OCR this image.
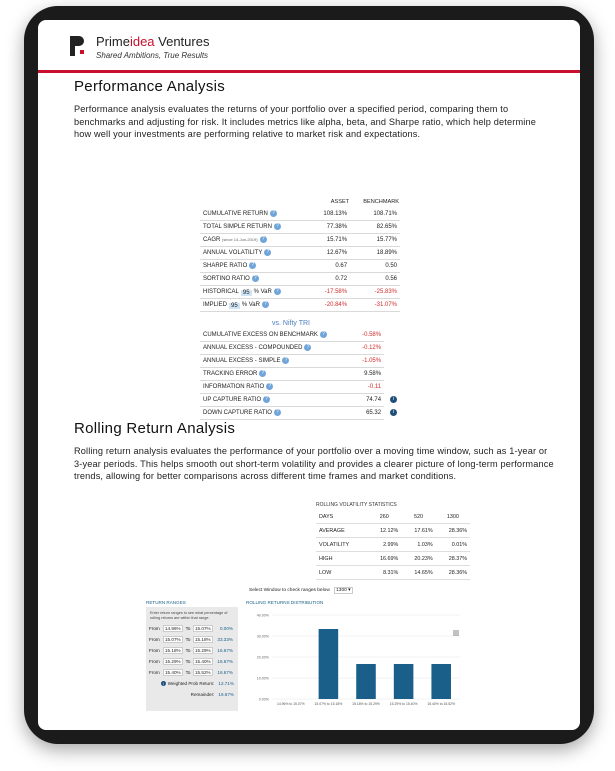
Primeidea Ventures
Shared Ambitions, True Results
Performance Analysis

Performance analysis evaluates the returns of your portfolio over a specified period, comparing them to benchmarks and adjusting for risk. It includes metrics like alpha, beta, and Sharpe ratio, which help determine how well your investments are performing relative to market risk and expectations.

	ASSET	BENCHMARK
CUMULATIVE RETURN ?	108.13%	108.71%
TOTAL SIMPLE RETURN ?	77.38%	82.65%
CAGR (since 14-Jun-2019) ?	15.71%	15.77%
ANNUAL VOLATILITY ?	12.67%	18.89%
SHARPE RATIO ?	0.67	0.50
SORTINO RATIO ?	0.72	0.56
HISTORICAL 95 % VaR ?	-17.58%	-25.83%
IMPLIED 95 % VaR ?	-20.84%	-31.07%
vs. Nifty TRI
CUMULATIVE EXCESS ON BENCHMARK ?	-0.58%	
ANNUAL EXCESS - COMPOUNDED ?	-0.12%	
ANNUAL EXCESS - SIMPLE ?	-1.05%	
TRACKING ERROR ?	9.58%	
INFORMATION RATIO ?	-0.11	
UP CAPTURE RATIO ?	74.74	i
DOWN CAPTURE RATIO ?	65.32	i
Rolling Return Analysis

Rolling return analysis evaluates the performance of your portfolio over a moving time window, such as 1-year or 3-year periods. This helps smooth out short-term volatility and provides a clearer picture of long-term performance trends, allowing for better comparisons across different time frames and market conditions.

ROLLING VOLATILITY STATISTICS
DAYS	260	520	1300
AVERAGE	12.12%	17.61%	28.36%
VOLATILITY	2.99%	1.03%	0.01%
HIGH	16.69%	20.23%	28.37%
LOW	8.31%	14.65%	28.36%
Select Window to check ranges below 1300 ▾
RETURN RANGES
Enter return ranges to see what percentage of rolling returns are within that range.
From	14.96%	To 15.07%	0.00%
From	15.07%	To 15.18%	33.33%
From	15.18%	To 15.29%	16.67%
From	15.29%	To 15.40%	16.67%
From	15.40%	To 15.52%	16.67%
i Weighted Prob Return: 12.71%
Remainder: 16.67%
ROLLING RETURNS DISTRIBUTION
0.00%
10.00%
20.00%
30.00%
40.00%
14.96% to 15.07%	15.07% to 15.18%	15.18% to 15.29%	15.29% to 15.40%	15.40% to 15.52%
